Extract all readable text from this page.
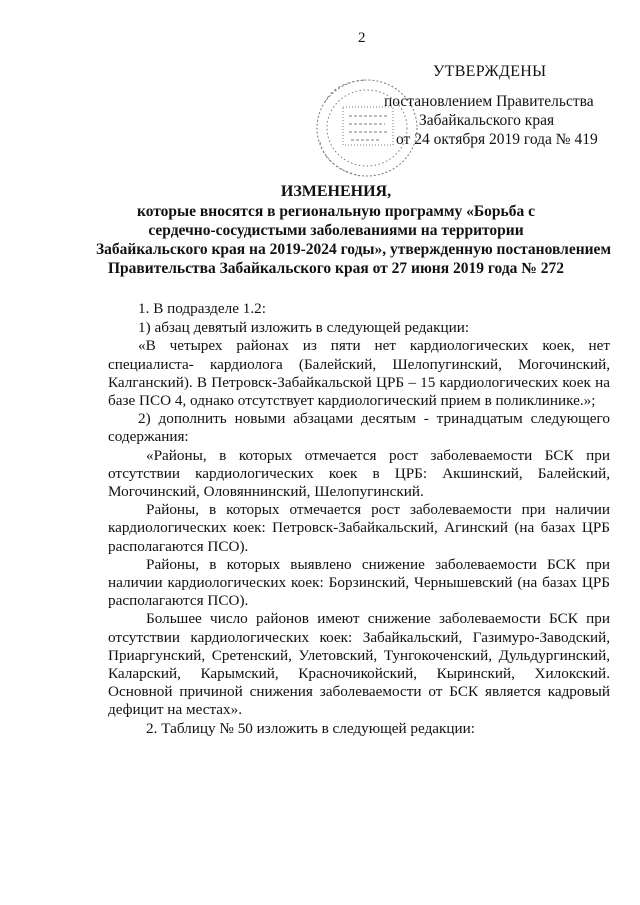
2
УТВЕРЖДЕНЫ
постановлением Правительства
Забайкальского края
от 24 октября 2019 года № 419
ИЗМЕНЕНИЯ,
которые вносятся в региональную программу «Борьба с
сердечно-сосудистыми заболеваниями на территории
Забайкальского края на 2019-2024 годы», утвержденную постановлением
Правительства Забайкальского края от 27 июня 2019 года № 272

1. В подразделе 1.2:

1) абзац девятый изложить в следующей редакции:

«В четырех районах из пяти нет кардиологических коек, нет специалиста- кардиолога (Балейский, Шелопугинский, Могочинский, Калганский). В Петровск-Забайкальской ЦРБ – 15 кардиологических коек на базе ПСО 4, однако отсутствует кардиологический прием в поликлинике.»;

2) дополнить новыми абзацами десятым - тринадцатым следующего содержания:

«Районы, в которых отмечается рост заболеваемости БСК при отсутствии кардиологических коек в ЦРБ: Акшинский, Балейский, Могочинский, Оловяннинский, Шелопугинский.

Районы, в которых отмечается рост заболеваемости при наличии кардиологических коек: Петровск-Забайкальский, Агинский (на базах ЦРБ располагаются ПСО).

Районы, в которых выявлено снижение заболеваемости БСК при наличии кардиологических коек: Борзинский, Чернышевский (на базах ЦРБ располагаются ПСО).

Большее число районов имеют снижение заболеваемости БСК при отсутствии кардиологических коек: Забайкальский, Газимуро-Заводский, Приаргунский, Сретенский, Улетовский, Тунгокоченский, Дульдургинский, Каларский, Карымский, Красночикойский, Кыринский, Хилокский. Основной причиной снижения заболеваемости от БСК является кадровый дефицит на местах».

2. Таблицу № 50 изложить в следующей редакции:
